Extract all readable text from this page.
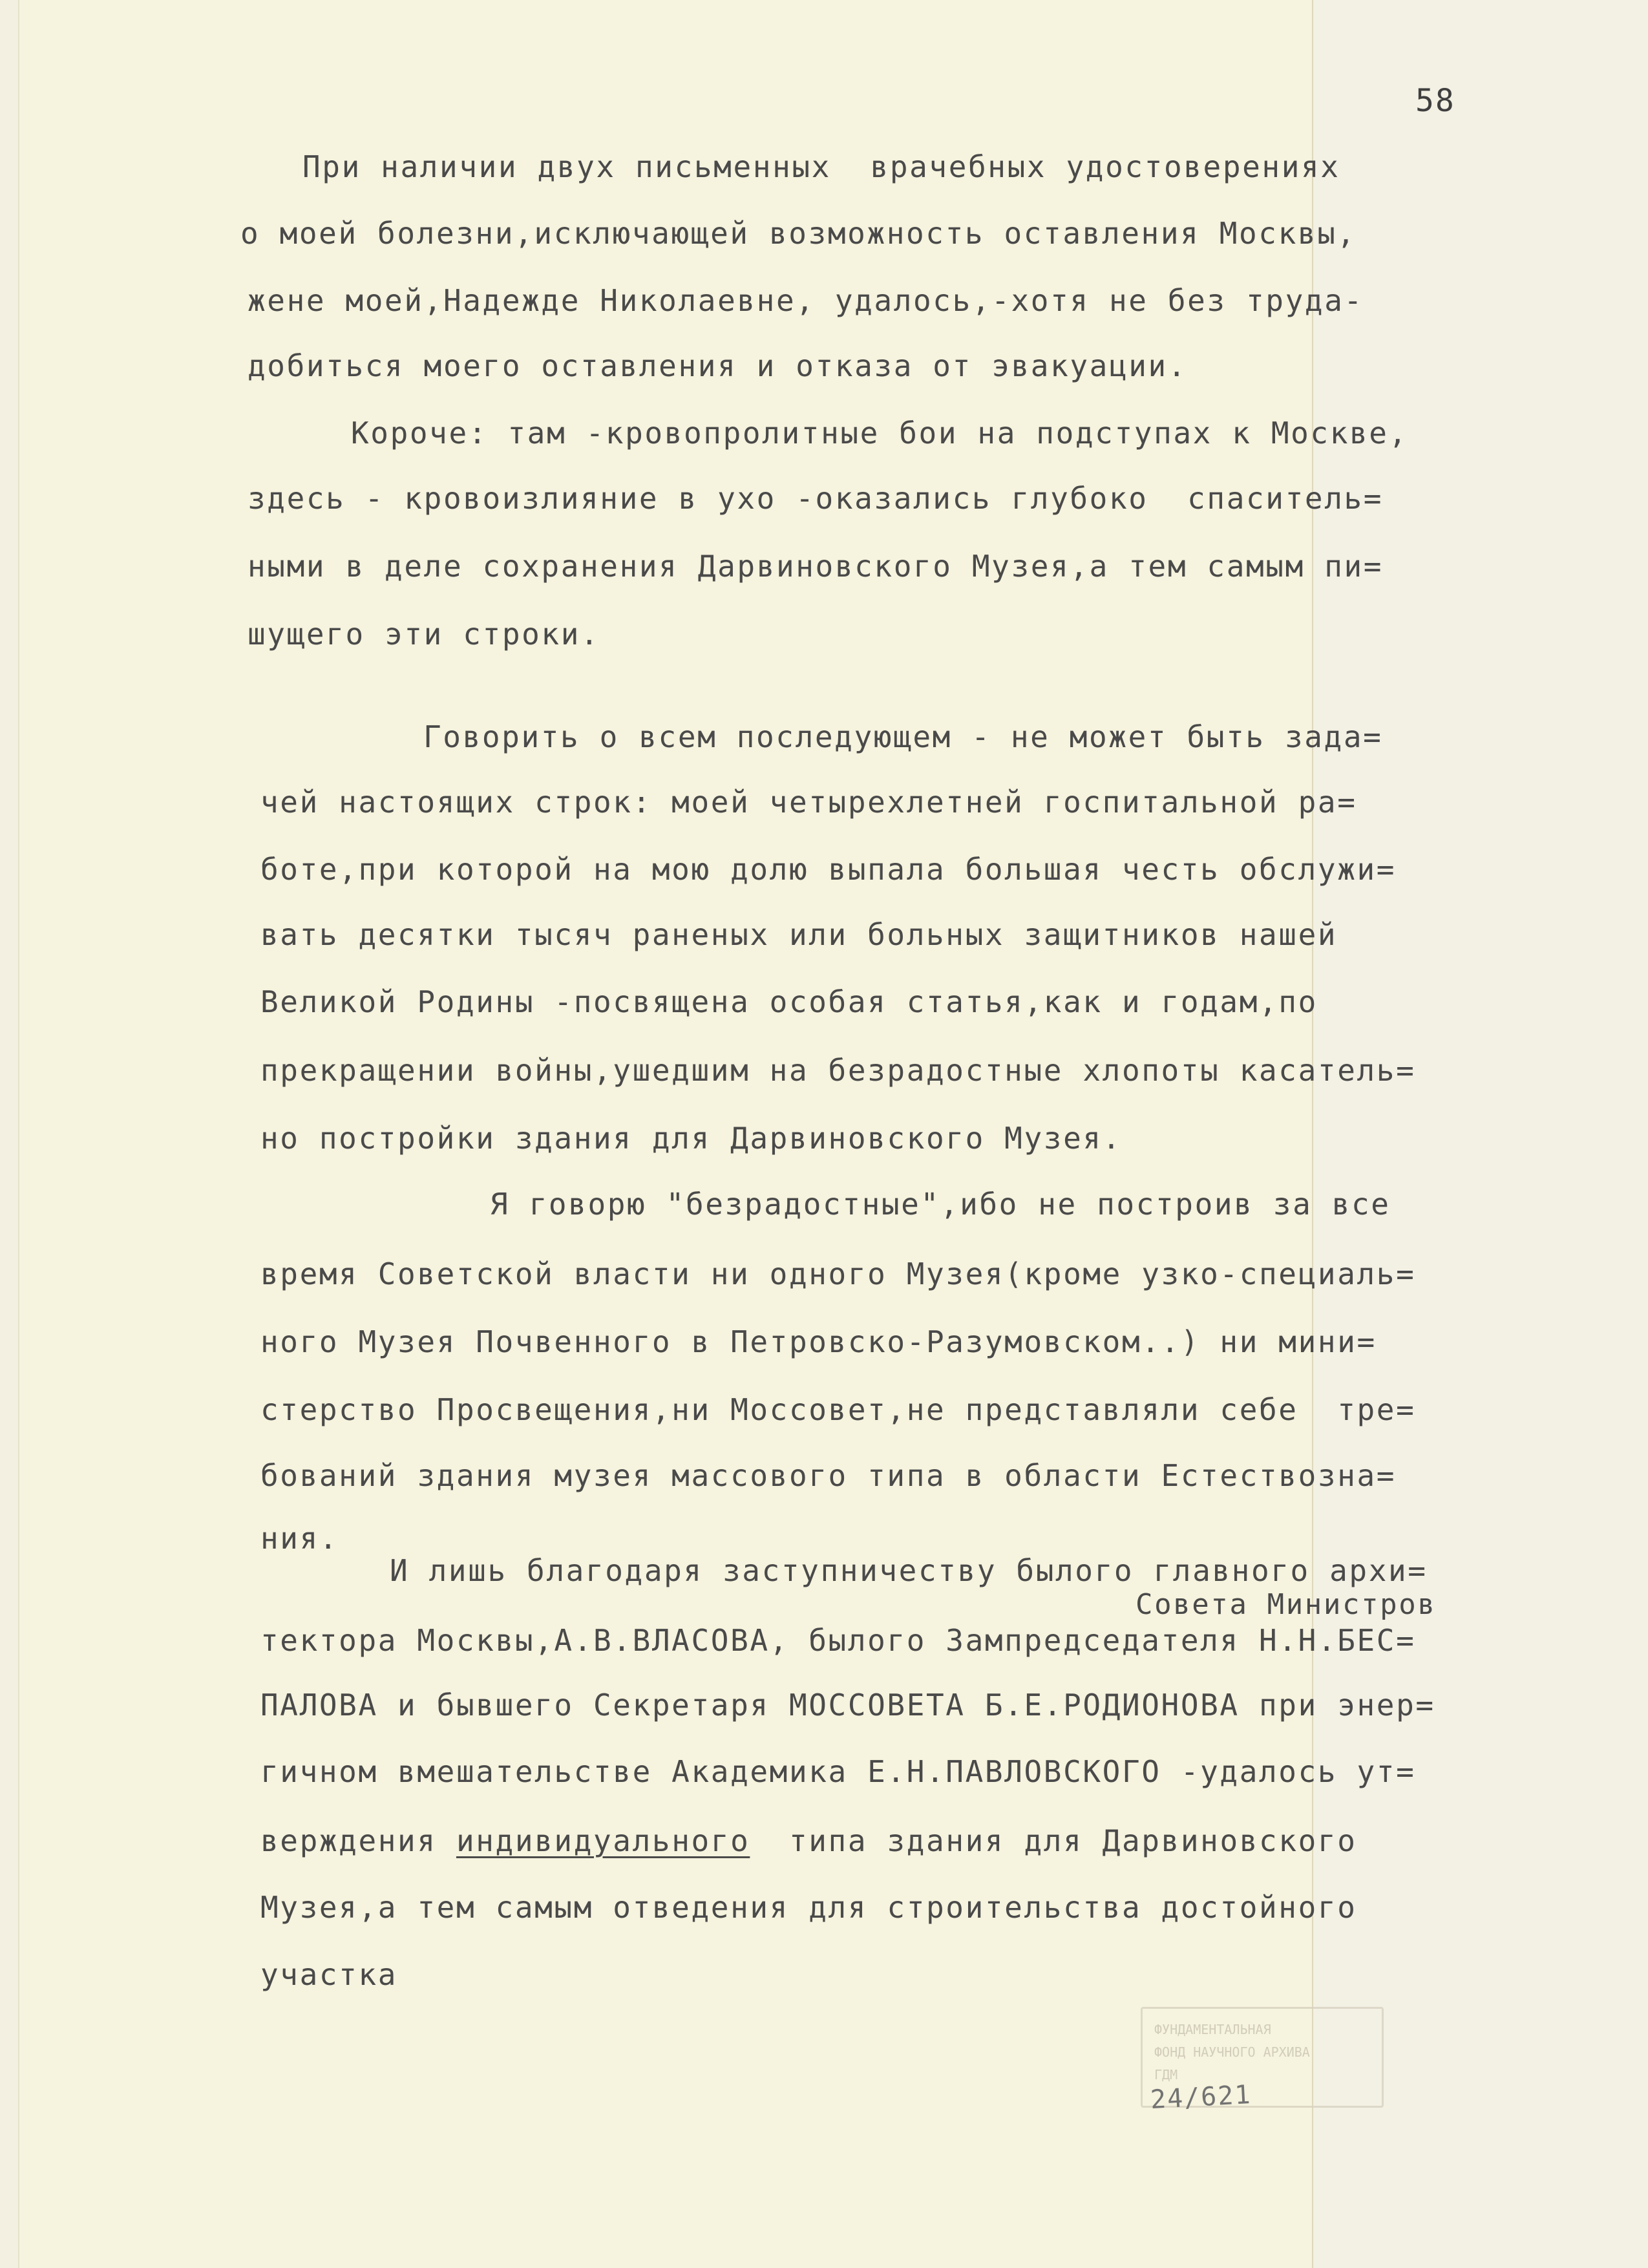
58
При наличии двух письменных  врачебных удостоверениях
о моей болезни,исключающей возможность оставления Москвы,
жене моей,Надежде Николаевне, удалось,-хотя не без труда-
добиться моего оставления и отказа от эвакуации.
Короче: там -кровопролитные бои на подступах к Москве,
здесь - кровоизлияние в ухо -оказались глубоко  спаситель=
ными в деле сохранения Дарвиновского Музея,а тем самым пи=
шущего эти строки.
Говорить о всем последующем - не может быть зада=
чей настоящих строк: моей четырехлетней госпитальной ра=
боте,при которой на мою долю выпала большая честь обслужи=
вать десятки тысяч раненых или больных защитников нашей
Великой Родины -посвящена особая статья,как и годам,по
прекращении войны,ушедшим на безрадостные хлопоты касатель=
но постройки здания для Дарвиновского Музея.
Я говорю "безрадостные",ибо не построив за все
время Советской власти ни одного Музея(кроме узко-специаль=
ного Музея Почвенного в Петровско-Разумовском..) ни мини=
стерство Просвещения,ни Моссовет,не представляли себе  тре=
бований здания музея массового типа в области Естествозна=
ния.
И лишь благодаря заступничеству былого главного архи=
Совета Министров
тектора Москвы,А.В.ВЛАСОВА, былого Зампредседателя Н.Н.БЕС=
ПАЛОВА и бывшего Секретаря МОССОВЕТА Б.Е.РОДИОНОВА при энер=
гичном вмешательстве Академика Е.Н.ПАВЛОВСКОГО -удалось ут=
верждения индивидуального  типа здания для Дарвиновского
Музея,а тем самым отведения для строительства достойного
участка
ФУНДАМЕНТАЛЬНАЯ
ФОНД НАУЧНОГО АРХИВА
ГДМ
24/621
